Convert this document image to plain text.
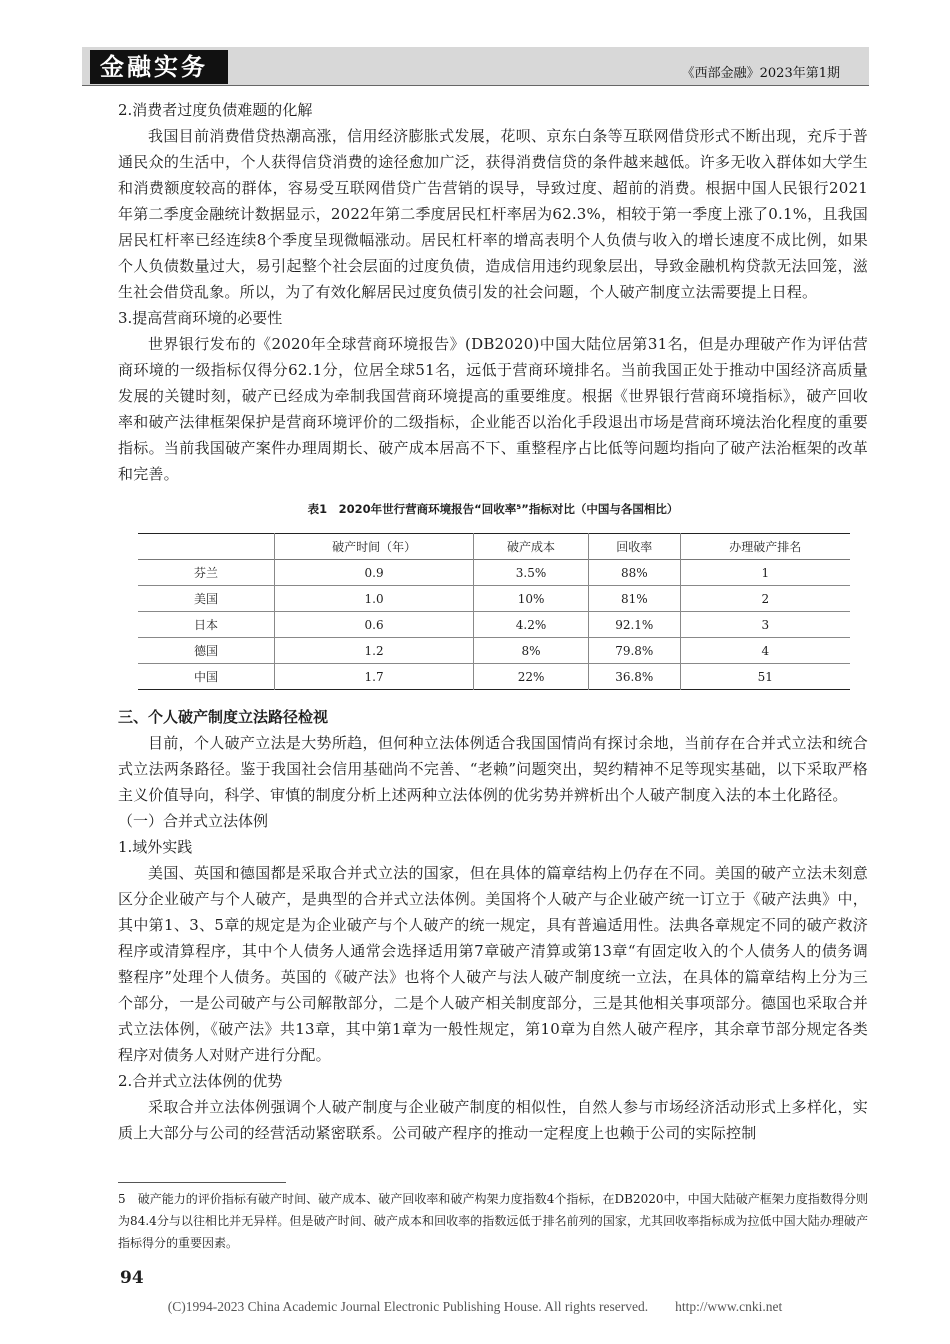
金融实务	《西部金融》2023年第1期

2.消费者过度负债难题的化解

我国目前消费借贷热潮高涨，信用经济膨胀式发展，花呗、京东白条等互联网借贷形式不断出现，充斥于普通民众的生活中，个人获得信贷消费的途径愈加广泛，获得消费信贷的条件越来越低。许多无收入群体如大学生和消费额度较高的群体，容易受互联网借贷广告营销的误导，导致过度、超前的消费。根据中国人民银行2021年第二季度金融统计数据显示，2022年第二季度居民杠杆率居为62.3%，相较于第一季度上涨了0.1%，且我国居民杠杆率已经连续8个季度呈现微幅涨动。居民杠杆率的增高表明个人负债与收入的增长速度不成比例，如果个人负债数量过大，易引起整个社会层面的过度负债，造成信用违约现象层出，导致金融机构贷款无法回笼，滋生社会借贷乱象。所以，为了有效化解居民过度负债引发的社会问题，个人破产制度立法需要提上日程。

3.提高营商环境的必要性

世界银行发布的《2020年全球营商环境报告》(DB2020)中国大陆位居第31名，但是办理破产作为评估营商环境的一级指标仅得分62.1分，位居全球51名，远低于营商环境排名。当前我国正处于推动中国经济高质量发展的关键时刻，破产已经成为牵制我国营商环境提高的重要维度。根据《世界银行营商环境指标》，破产回收率和破产法律框架保护是营商环境评价的二级指标，企业能否以治化手段退出市场是营商环境法治化程度的重要指标。当前我国破产案件办理周期长、破产成本居高不下、重整程序占比低等问题均指向了破产法治框架的改革和完善。

表1　2020年世行营商环境报告“回收率⁵”指标对比（中国与各国相比）
	破产时间（年）	破产成本	回收率	办理破产排名
芬兰	0.9	3.5%	88%	1
美国	1.0	10%	81%	2
日本	0.6	4.2%	92.1%	3
德国	1.2	8%	79.8%	4
中国	1.7	22%	36.8%	51

三、个人破产制度立法路径检视

目前，个人破产立法是大势所趋，但何种立法体例适合我国国情尚有探讨余地，当前存在合并式立法和统合式立法两条路径。鉴于我国社会信用基础尚不完善、“老赖”问题突出，契约精神不足等现实基础，以下采取严格主义价值导向，科学、审慎的制度分析上述两种立法体例的优劣势并辨析出个人破产制度入法的本土化路径。

（一）合并式立法体例

1.域外实践

美国、英国和德国都是采取合并式立法的国家，但在具体的篇章结构上仍存在不同。美国的破产立法未刻意区分企业破产与个人破产，是典型的合并式立法体例。美国将个人破产与企业破产统一订立于《破产法典》中，其中第1、3、5章的规定是为企业破产与个人破产的统一规定，具有普遍适用性。法典各章规定不同的破产救济程序或清算程序，其中个人债务人通常会选择适用第7章破产清算或第13章“有固定收入的个人债务人的债务调整程序”处理个人债务。英国的《破产法》也将个人破产与法人破产制度统一立法，在具体的篇章结构上分为三个部分，一是公司破产与公司解散部分，二是个人破产相关制度部分，三是其他相关事项部分。德国也采取合并式立法体例，《破产法》共13章，其中第1章为一般性规定，第10章为自然人破产程序，其余章节部分规定各类程序对债务人对财产进行分配。

2.合并式立法体例的优势

采取合并立法体例强调个人破产制度与企业破产制度的相似性，自然人参与市场经济活动形式上多样化，实质上大部分与公司的经营活动紧密联系。公司破产程序的推动一定程度上也赖于公司的实际控制

5　破产能力的评价指标有破产时间、破产成本、破产回收率和破产构架力度指数4个指标，在DB2020中，中国大陆破产框架力度指数得分则为84.4分与以往相比并无异样。但是破产时间、破产成本和回收率的指数远低于排名前列的国家，尤其回收率指标成为拉低中国大陆办理破产指标得分的重要因素。
94
(C)1994-2023 China Academic Journal Electronic Publishing House. All rights reserved.　　http://www.cnki.net
